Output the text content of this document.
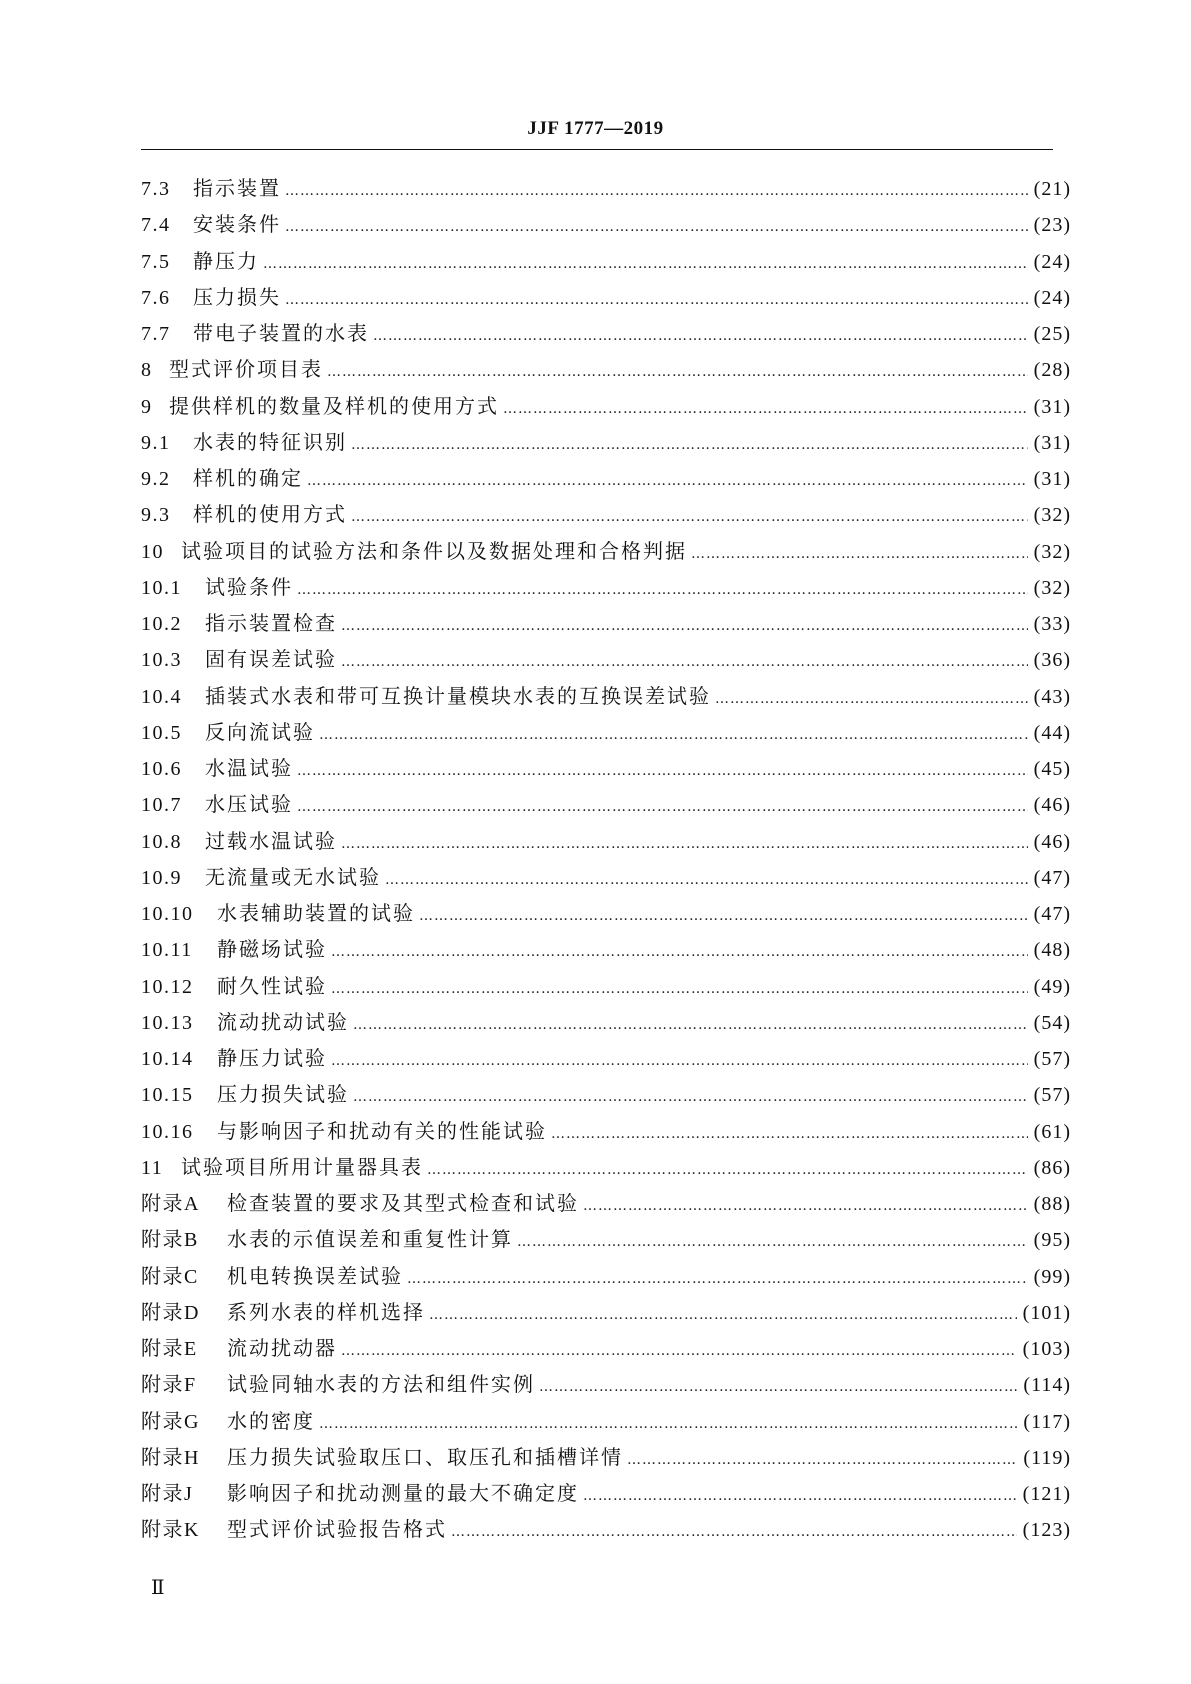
JJF 1777—2019
7.3	指示装置 …………………………………………………………………………………………………………………………………………………………………………	(21)
7.4	安装条件 …………………………………………………………………………………………………………………………………………………………………………	(23)
7.5	静压力 …………………………………………………………………………………………………………………………………………………………………………	(24)
7.6	压力损失 …………………………………………………………………………………………………………………………………………………………………………	(24)
7.7	带电子装置的水表 …………………………………………………………………………………………………………………………………………………………………………	(25)
8 型式评价项目表 …………………………………………………………………………………………………………………………………………………………………………	(28)
9 提供样机的数量及样机的使用方式 …………………………………………………………………………………………………………………………………………………………………………	(31)
9.1	水表的特征识别 …………………………………………………………………………………………………………………………………………………………………………	(31)
9.2	样机的确定 …………………………………………………………………………………………………………………………………………………………………………	(31)
9.3	样机的使用方式 …………………………………………………………………………………………………………………………………………………………………………	(32)
10 试验项目的试验方法和条件以及数据处理和合格判据 …………………………………………………………………………………………………………………………………………………………………………	(32)
10.1	试验条件 …………………………………………………………………………………………………………………………………………………………………………	(32)
10.2	指示装置检查 …………………………………………………………………………………………………………………………………………………………………………	(33)
10.3	固有误差试验 …………………………………………………………………………………………………………………………………………………………………………	(36)
10.4	插装式水表和带可互换计量模块水表的互换误差试验 …………………………………………………………………………………………………………………………………………………………………………	(43)
10.5	反向流试验 …………………………………………………………………………………………………………………………………………………………………………	(44)
10.6	水温试验 …………………………………………………………………………………………………………………………………………………………………………	(45)
10.7	水压试验 …………………………………………………………………………………………………………………………………………………………………………	(46)
10.8	过载水温试验 …………………………………………………………………………………………………………………………………………………………………………	(46)
10.9	无流量或无水试验 …………………………………………………………………………………………………………………………………………………………………………	(47)
10.10	水表辅助装置的试验 …………………………………………………………………………………………………………………………………………………………………………	(47)
10.11	静磁场试验 …………………………………………………………………………………………………………………………………………………………………………	(48)
10.12	耐久性试验 …………………………………………………………………………………………………………………………………………………………………………	(49)
10.13	流动扰动试验 …………………………………………………………………………………………………………………………………………………………………………	(54)
10.14	静压力试验 …………………………………………………………………………………………………………………………………………………………………………	(57)
10.15	压力损失试验 …………………………………………………………………………………………………………………………………………………………………………	(57)
10.16	与影响因子和扰动有关的性能试验 …………………………………………………………………………………………………………………………………………………………………………	(61)
11 试验项目所用计量器具表 …………………………………………………………………………………………………………………………………………………………………………	(86)
附录A	检查装置的要求及其型式检查和试验 …………………………………………………………………………………………………………………………………………………………………………	(88)
附录B	水表的示值误差和重复性计算 …………………………………………………………………………………………………………………………………………………………………………	(95)
附录C	机电转换误差试验 …………………………………………………………………………………………………………………………………………………………………………	(99)
附录D	系列水表的样机选择 …………………………………………………………………………………………………………………………………………………………………………	(101)
附录E	流动扰动器 …………………………………………………………………………………………………………………………………………………………………………	(103)
附录F	试验同轴水表的方法和组件实例 …………………………………………………………………………………………………………………………………………………………………………	(114)
附录G	水的密度 …………………………………………………………………………………………………………………………………………………………………………	(117)
附录H	压力损失试验取压口、取压孔和插槽详情 …………………………………………………………………………………………………………………………………………………………………………	(119)
附录J	影响因子和扰动测量的最大不确定度 …………………………………………………………………………………………………………………………………………………………………………	(121)
附录K	型式评价试验报告格式 …………………………………………………………………………………………………………………………………………………………………………	(123)
Ⅱ
